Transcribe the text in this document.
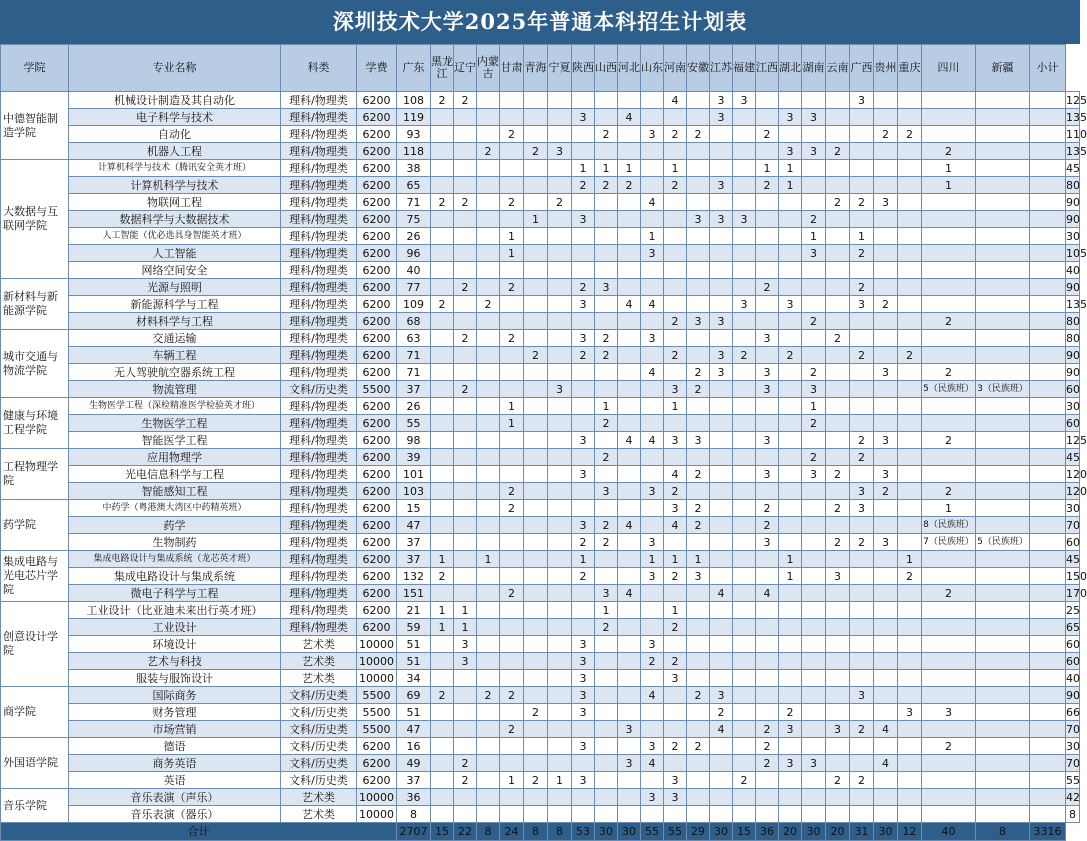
深圳技术大学2025年普通本科招生计划表
学院	专业名称	科类	学费	广东	黑龙江	辽宁	内蒙古	甘肃	青海	宁夏	陕西	山西	河北	山东	河南	安徽	江苏	福建	江西	湖北	湖南	云南	广西	贵州	重庆	四川	新疆	小计	
中德智能制造学院	机械设计制造及其自动化	理科/物理类	6200	108	2	2									4		3	3					3						125
	电子科学与技术	理科/物理类	6200	119							3		4				3			3	3								135
	自动化	理科/物理类	6200	93				2				2		3	2	2			2					2	2				110
	机器人工程	理科/物理类	6200	118			2		2	3										3	3	2				2			135
大数据与互联网学院	计算机科学与技术（腾讯安全英才班）	理科/物理类	6200	38							1	1	1		1				1	1						1			45
	计算机科学与技术	理科/物理类	6200	65							2	2	2		2		3		2	1						1			80
	物联网工程	理科/物理类	6200	71	2	2		2		2				4								2	2	3					90
	数据科学与大数据技术	理科/物理类	6200	75					1		3					3	3	3			2								90
	人工智能（优必选具身智能英才班）	理科/物理类	6200	26				1						1							1		1						30
	人工智能	理科/物理类	6200	96				1						3							3		2						105
	网络空间安全	理科/物理类	6200	40																									40
新材料与新能源学院	光源与照明	理科/物理类	6200	77		2		2			2	3							2				2						90
	新能源科学与工程	理科/物理类	6200	109	2		2				3		4	4				3		3			3	2					135
	材料科学与工程	理科/物理类	6200	68											2	3	3				2					2			80
城市交通与物流学院	交通运输	理科/物理类	6200	63		2		2			3	2		3					3			2							80
	车辆工程	理科/物理类	6200	71					2		2	2			2		3	2		2			2		2				90
	无人驾驶航空器系统工程	理科/物理类	6200	71										4		2	3		3		2			3		2			90
	物流管理	文科/历史类	5500	37		2				3					3	2			3		3					5（民族班）	3（民族班）		60
健康与环境工程学院	生物医学工程（深检精准医学检验英才班）	理科/物理类	6200	26				1				1			1						1								30
	生物医学工程	理科/物理类	6200	55				1				2									2								60
	智能医学工程	理科/物理类	6200	98							3		4	4	3	3			3				2	3		2			125
工程物理学院	应用物理学	理科/物理类	6200	39								2									2		2						45
	光电信息科学与工程	理科/物理类	6200	101							3				4	2			3		3	2		3					120
	智能感知工程	理科/物理类	6200	103				2				3		3	2								3	2		2			120
药学院	中药学（粤港澳大湾区中药精英班）	理科/物理类	6200	15				2							3	2			2			2	3			1			30
	药学	理科/物理类	6200	47							3	2	4		4	2			2							8（民族班）			70
	生物制药	理科/物理类	6200	37							2	2		3					3			2	2	3		7（民族班）	5（民族班）		60
集成电路与光电芯片学院	集成电路设计与集成系统（龙芯英才班）	理科/物理类	6200	37	1		1				1			1	1	1				1					1				45
	集成电路设计与集成系统	理科/物理类	6200	132	2						2			3	2	3				1		3			2				150
	微电子科学与工程	理科/物理类	6200	151				2				3	4				4		4							2			170
创意设计学院	工业设计（比亚迪未来出行英才班）	理科/物理类	6200	21	1	1						1			1														25
	工业设计	理科/物理类	6200	59	1	1						2			2														65
	环境设计	艺术类	10000	51		3					3			3															60
	艺术与科技	艺术类	10000	51		3					3			2	2														60
	服装与服饰设计	艺术类	10000	34							3				3														40
商学院	国际商务	文科/历史类	5500	69	2		2	2			3			4		2	3						3						90
	财务管理	文科/历史类	5500	51					2		3						2			2					3	3			66
	市场营销	文科/历史类	5500	47				2					3				4		2	3		3	2	4					70
外国语学院	德语	文科/历史类	6200	16							3			3	2	2			2							2			30
	商务英语	文科/历史类	6200	49		2							3	4					2	3	3			4					70
	英语	文科/历史类	6200	37		2		1	2	1	3				3			2				2	2						55
音乐学院	音乐表演（声乐）	艺术类	10000	36										3	3														42
	音乐表演（器乐）	艺术类	10000	8																									8
合计				2707	15	22	8	24	8	8	53	30	30	55	55	29	30	15	36	20	30	20	31	30	12	40	8	3316	
